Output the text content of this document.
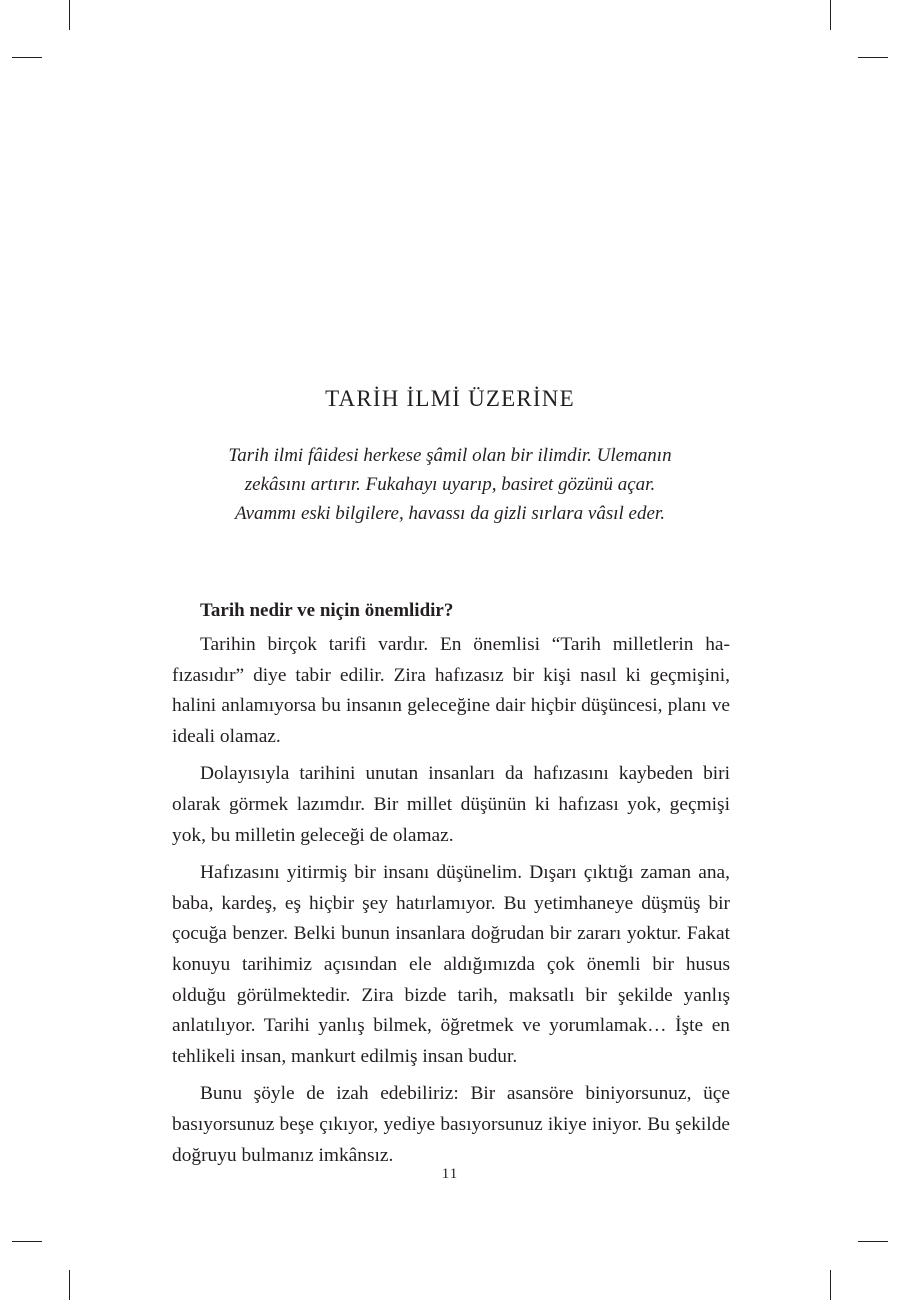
TARİH İLMİ ÜZERİNE

Tarih ilmi fâidesi herkese şâmil olan bir ilimdir. Ulemanın zekâsını artırır. Fukahayı uyarıp, basiret gözünü açar. Avammı eski bilgilere, havassı da gizli sırlara vâsıl eder.

Tarih nedir ve niçin önemlidir?

Tarihin birçok tarifi vardır. En önemlisi “Tarih milletlerin hafızasıdır” diye tabir edilir. Zira hafızasız bir kişi nasıl ki geçmişini, halini anlamıyorsa bu insanın geleceğine dair hiçbir düşüncesi, planı ve ideali olamaz.

Dolayısıyla tarihini unutan insanları da hafızasını kaybeden biri olarak görmek lazımdır. Bir millet düşünün ki hafızası yok, geçmişi yok, bu milletin geleceği de olamaz.

Hafızasını yitirmiş bir insanı düşünelim. Dışarı çıktığı zaman ana, baba, kardeş, eş hiçbir şey hatırlamıyor. Bu yetimhaneye düşmüş bir çocuğa benzer. Belki bunun insanlara doğrudan bir zararı yoktur. Fakat konuyu tarihimiz açısından ele aldığımızda çok önemli bir husus olduğu görülmektedir. Zira bizde tarih, maksatlı bir şekilde yanlış anlatılıyor. Tarihi yanlış bilmek, öğretmek ve yorumlamak… İşte en tehlikeli insan, mankurt edilmiş insan budur.

Bunu şöyle de izah edebiliriz: Bir asansöre biniyorsunuz, üçe basıyorsunuz beşe çıkıyor, yediye basıyorsunuz ikiye iniyor. Bu şekilde doğruyu bulmanız imkânsız.

11
